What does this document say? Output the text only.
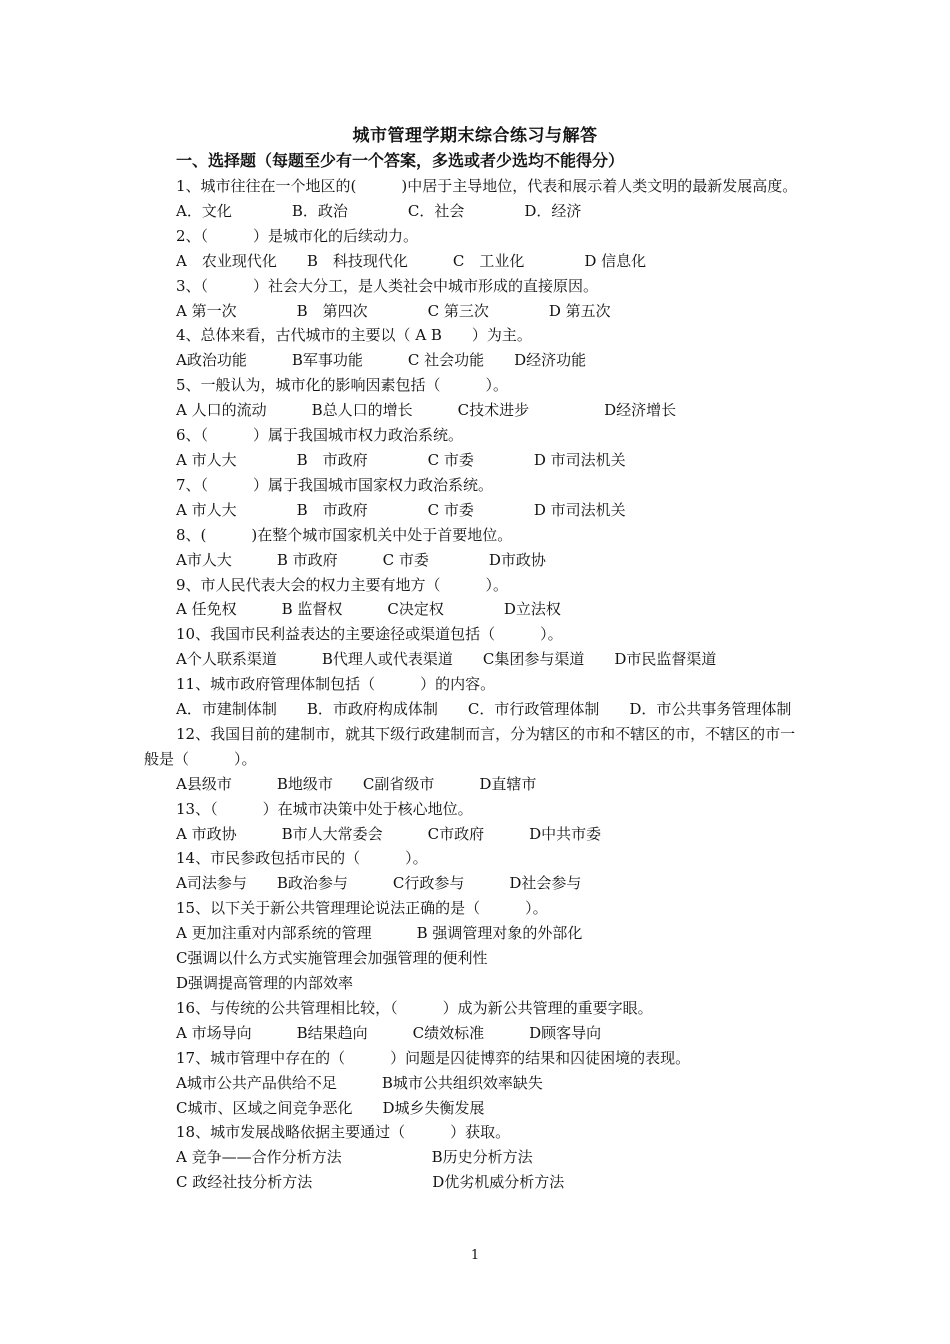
城市管理学期末综合练习与解答
一、选择题（每题至少有一个答案，多选或者少选均不能得分）
1、城市往往在一个地区的(　　　)中居于主导地位，代表和展示着人类文明的最新发展高度。
A．文化　　　　B．政治　　　　C．社会　　　　D．经济
2、（　　　）是城市化的后续动力。
A　农业现代化　　B　科技现代化　　　C　工业化　　　　D 信息化
3、（　　　）社会大分工，是人类社会中城市形成的直接原因。
A 第一次　　　　B　第四次　　　　C 第三次　　　　D 第五次
4、总体来看，古代城市的主要以（ A B　　）为主。
A政治功能　　　B军事功能　　　C 社会功能　　D经济功能
5、一般认为，城市化的影响因素包括（　　　）。
A 人口的流动　　　B总人口的增长　　　C技术进步　　　　　D经济增长
6、（　　　）属于我国城市权力政治系统。
A 市人大　　　　B　市政府　　　　C 市委　　　　D 市司法机关
7、（　　　）属于我国城市国家权力政治系统。
A 市人大　　　　B　市政府　　　　C 市委　　　　D 市司法机关
8、(　　　)在整个城市国家机关中处于首要地位。
A市人大　　　B 市政府　　　C 市委　　　　D市政协
9、市人民代表大会的权力主要有地方（　　　）。
A 任免权　　　B 监督权　　　C决定权　　　　D立法权
10、我国市民利益表达的主要途径或渠道包括（　　　）。
A个人联系渠道　　　B代理人或代表渠道　　C集团参与渠道　　D市民监督渠道
11、城市政府管理体制包括（　　　）的内容。
A．市建制体制　　B．市政府构成体制　　C．市行政管理体制　　D．市公共事务管理体制
12、我国目前的建制市，就其下级行政建制而言，分为辖区的市和不辖区的市，不辖区的市一般是（　　　）。
A县级市　　　B地级市　　C副省级市　　　D直辖市
13、（　　　）在城市决策中处于核心地位。
A 市政协　　　B市人大常委会　　　C市政府　　　D中共市委
14、市民参政包括市民的（　　　）。
A司法参与　　B政治参与　　　C行政参与　　　D社会参与
15、以下关于新公共管理理论说法正确的是（　　　）。
A 更加注重对内部系统的管理　　　B 强调管理对象的外部化
C强调以什么方式实施管理会加强管理的便利性
D强调提高管理的内部效率
16、与传统的公共管理相比较，（　　　）成为新公共管理的重要字眼。
A 市场导向　　　B结果趋向　　　C绩效标准　　　D顾客导向
17、城市管理中存在的（　　　）问题是囚徒博弈的结果和囚徒困境的表现。
A城市公共产品供给不足　　　B城市公共组织效率缺失
C城市、区域之间竞争恶化　　D城乡失衡发展
18、城市发展战略依据主要通过（　　　）获取。
A 竞争——合作分析方法　　　　　　B历史分析方法
C 政经社技分析方法　　　　　　　　D优劣机威分析方法
1
